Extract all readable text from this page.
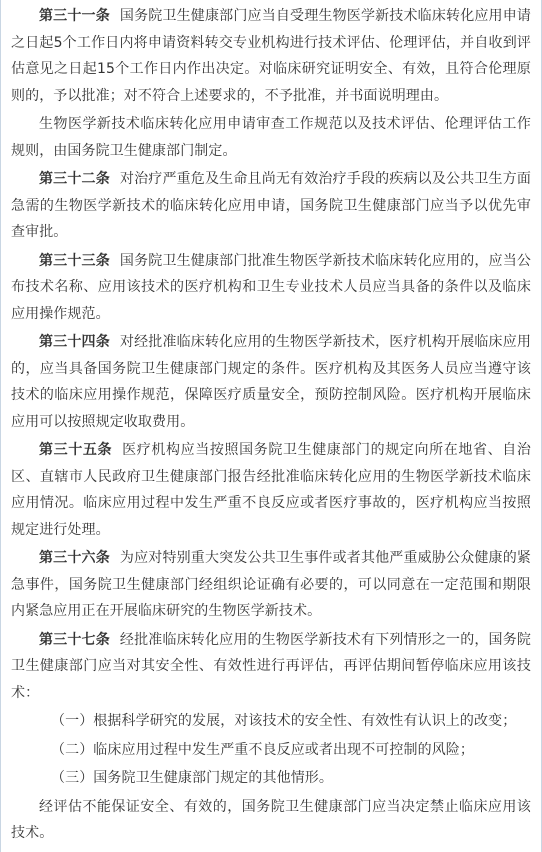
第三十一条 国务院卫生健康部门应当自受理生物医学新技术临床转化应用申请之日起5个工作日内将申请资料转交专业机构进行技术评估、伦理评估，并自收到评估意见之日起15个工作日内作出决定。对临床研究证明安全、有效，且符合伦理原则的，予以批准；对不符合上述要求的，不予批准，并书面说明理由。

生物医学新技术临床转化应用申请审查工作规范以及技术评估、伦理评估工作规则，由国务院卫生健康部门制定。

第三十二条 对治疗严重危及生命且尚无有效治疗手段的疾病以及公共卫生方面急需的生物医学新技术的临床转化应用申请，国务院卫生健康部门应当予以优先审查审批。

第三十三条 国务院卫生健康部门批准生物医学新技术临床转化应用的，应当公布技术名称、应用该技术的医疗机构和卫生专业技术人员应当具备的条件以及临床应用操作规范。

第三十四条 对经批准临床转化应用的生物医学新技术，医疗机构开展临床应用的，应当具备国务院卫生健康部门规定的条件。医疗机构及其医务人员应当遵守该技术的临床应用操作规范，保障医疗质量安全，预防控制风险。医疗机构开展临床应用可以按照规定收取费用。

第三十五条 医疗机构应当按照国务院卫生健康部门的规定向所在地省、自治区、直辖市人民政府卫生健康部门报告经批准临床转化应用的生物医学新技术临床应用情况。临床应用过程中发生严重不良反应或者医疗事故的，医疗机构应当按照规定进行处理。

第三十六条 为应对特别重大突发公共卫生事件或者其他严重威胁公众健康的紧急事件，国务院卫生健康部门经组织论证确有必要的，可以同意在一定范围和期限内紧急应用正在开展临床研究的生物医学新技术。

第三十七条 经批准临床转化应用的生物医学新技术有下列情形之一的，国务院卫生健康部门应当对其安全性、有效性进行再评估，再评估期间暂停临床应用该技术：

（一）根据科学研究的发展，对该技术的安全性、有效性有认识上的改变；

（二）临床应用过程中发生严重不良反应或者出现不可控制的风险；

（三）国务院卫生健康部门规定的其他情形。

经评估不能保证安全、有效的，国务院卫生健康部门应当决定禁止临床应用该技术。
